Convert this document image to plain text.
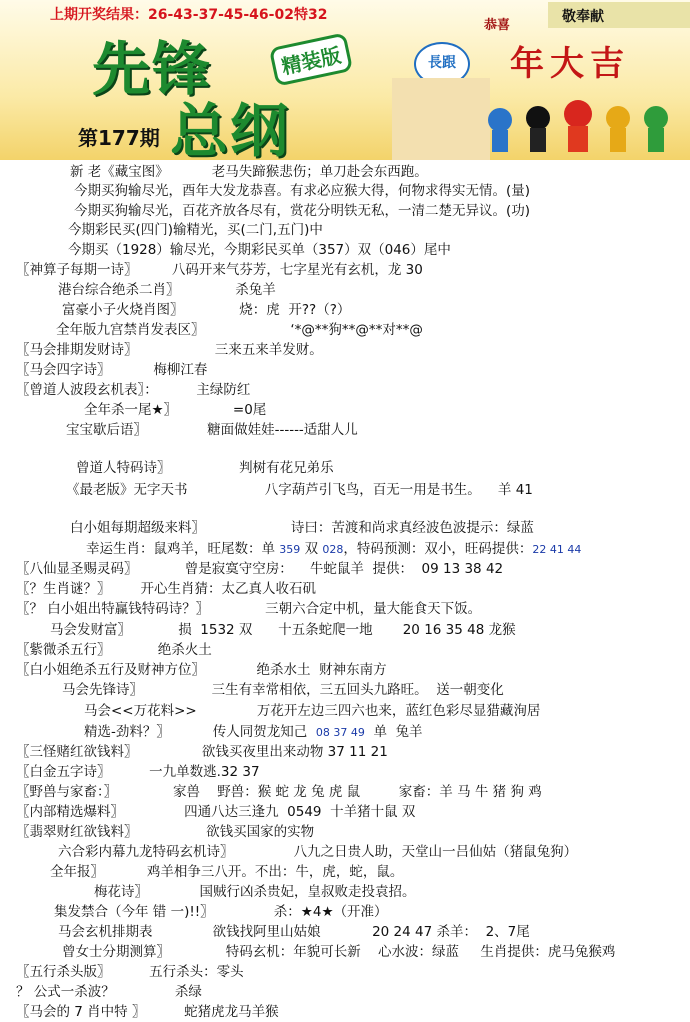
上期开奖结果：26-43-37-45-46-02特32	敬奉献
恭喜
先锋	精装版
总纲
第177期
長跟	年大吉
新 老《藏宝图》          老马失蹄猴悲伤；单刀赴会东西跑。
今期买狗输尽光，酉年大发龙恭喜。有求必应猴大得，何物求得实无情。(量)
今期买狗输尽光，百花齐放各尽有，赏花分明铁无私，一清二楚无异议。(功)
今期彩民买(四门)输精光，买(二门,五门)中
今期买（1928）输尽光，今期彩民买单（357）双（046）尾中
〖神算子每期一诗〗        八码开来气芬芳，七字星光有玄机，龙 30
港台综合绝杀二肖〗             杀兔羊
富豪小子火烧肖图〗             烧：虎  开??（?）
全年版九宫禁肖发表区〗                    ‘*@**狗**@**对**@
〖马会排期发财诗〗                  三来五来羊发财。
〖马会四字诗〗          梅柳江春
〖曾道人波段玄机表〗：         主绿防红
全年杀一尾★〗             =0尾
宝宝歇后语〗              糖面做娃娃------适甜人儿
曾道人特码诗〗                判树有花兄弟乐
《最老版》无字天书                  八字葫芦引飞鸟，百无一用是书生。    羊 41
白小姐每期超级来料〗                    诗曰：苦渡和尚求真经波色波提示：绿蓝
幸运生肖：鼠鸡羊，旺尾数：单 359 双 028，特码预测：双小，旺码提供：22 41 44
〖八仙显圣赐灵码〗           曾是寂寞守空房：    牛蛇鼠羊  提供：  09 13 38 42
〖？生肖谜？〗       开心生肖猜：太乙真人收石矶
〖？ 白小姐出特赢钱特码诗？〗             三朝六合定中机，量大能食天下饭。
马会发财富〗           损  1532 双      十五条蛇爬一地       20 16 35 48 龙猴
〖紫微杀五行〗           绝杀火土
〖白小姐绝杀五行及财神方位〗            绝杀水土  财神东南方
马会先锋诗〗                三生有幸常相依，三五回头九路旺。  送一朝变化
马会<<万花料>>              万花开左边三四六也来，蓝红色彩尽显猎藏洵居
精选-劲料？〗          传人同贺龙知己  08 37 49  单  兔羊
〖三怪赌红欲钱料〗               欲钱买夜里出来动物 37 11 21
〖白金五字诗〗         一九单数逃.32 37
〖野兽与家畜：〗             家兽    野兽：猴 蛇 龙 兔 虎 鼠         家畜：羊 马 牛 猪 狗 鸡
〖内部精选爆料〗              四通八达三逢九  0549  十羊猪十鼠 双
〖翡翠财红欲钱料〗                欲钱买国家的实物
六合彩内幕九龙特码玄机诗〗              八九之日贵人助，天堂山一吕仙姑（猪鼠兔狗）
全年报〗          鸡羊相争三八开。不出：牛，虎，蛇，鼠。
梅花诗〗            国贼行凶杀贵妃，皇叔败走投袁招。
集发禁合（今年 错 一)!!〗              杀：★4★（开准）
马会玄机排期表              欲钱找阿里山姑娘            20 24 47 杀羊：  2、7尾
曾女士分期测算〗             特码玄机：年貌可长新    心水波：绿蓝     生肖提供：虎马兔猴鸡
〖五行杀头版〗         五行杀头：零头
？ 公式一杀波？              杀绿
〖马会的 7 肖中特 〗         蛇猪虎龙马羊猴
